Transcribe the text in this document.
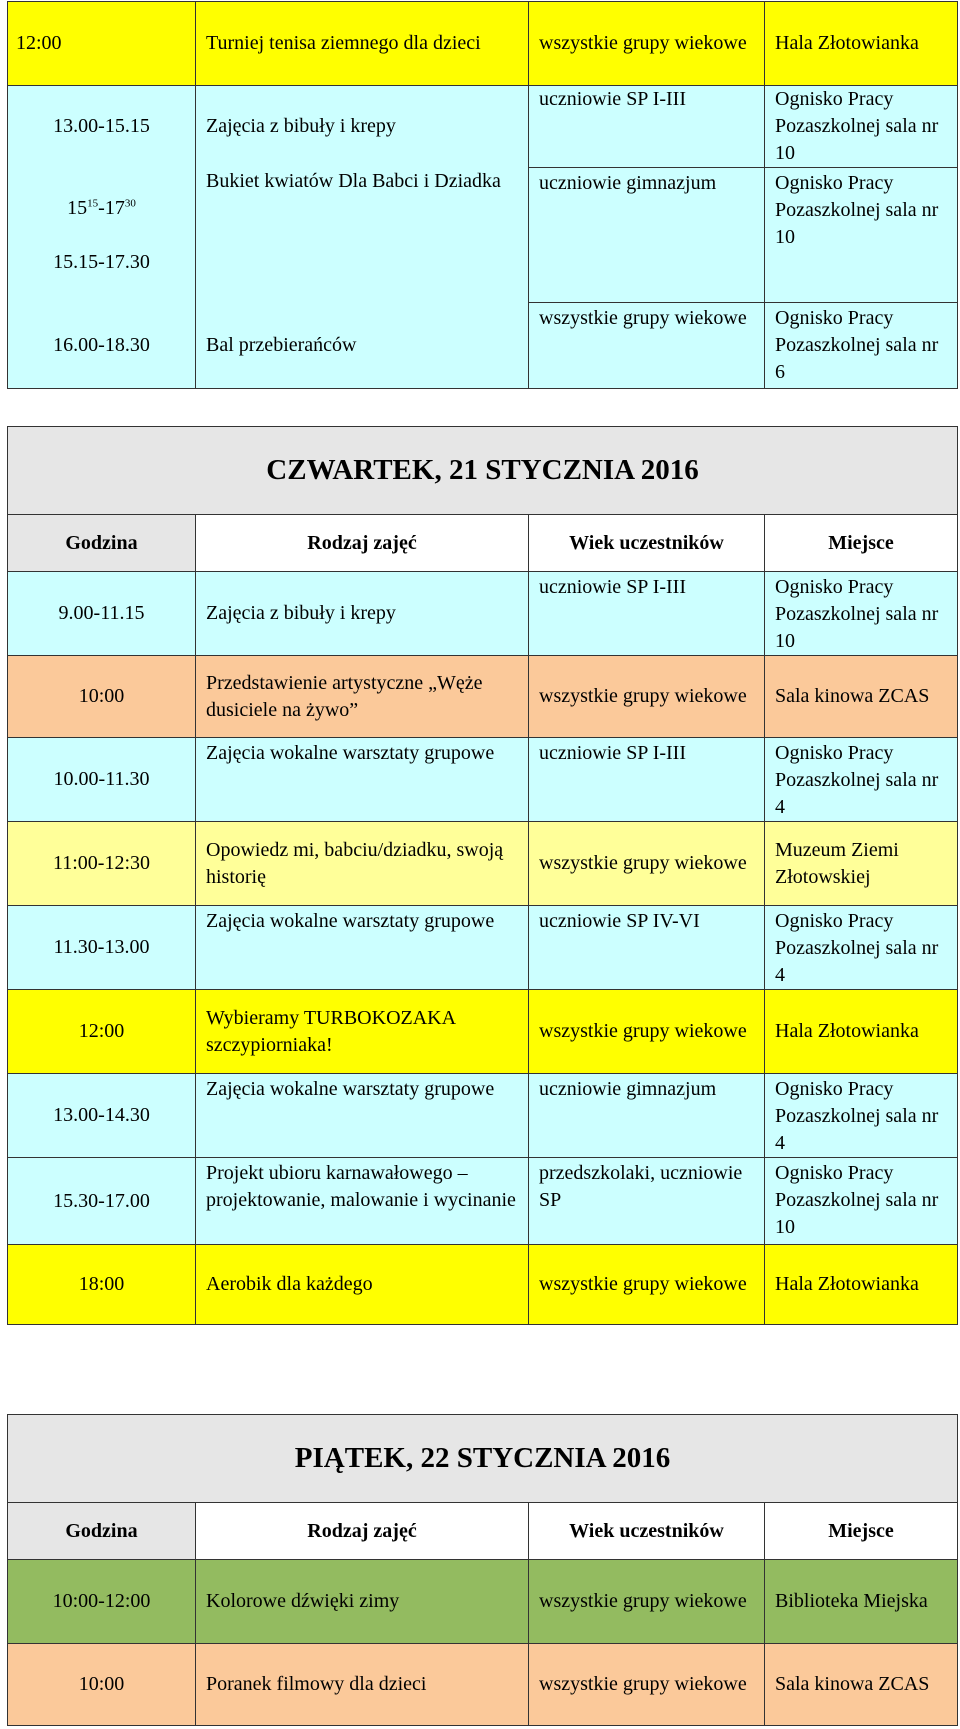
12:00	Turniej tenisa ziemnego dla dzieci	wszystkie grupy wiekowe	Hala Złotowianka
13.00-15.15	Zajęcia z bibuły i krepy	uczniowie SP I-III	Ognisko Pracy Pozaszkolnej sala nr 10

$15^{15}-17^{30}$

15.15-17.30	Bukiet kwiatów Dla Babci i Dziadka	uczniowie gimnazjum	Ognisko Pracy Pozaszkolnej sala nr 10
16.00-18.30	Bal przebierańców	wszystkie grupy wiekowe	Ognisko Pracy Pozaszkolnej sala nr 6
CZWARTEK, 21 STYCZNIA 2016			
Godzina	Rodzaj zajęć	Wiek uczestników	Miejsce
9.00-11.15	Zajęcia z bibuły i krepy	uczniowie SP I-III	Ognisko Pracy Pozaszkolnej sala nr 10
10:00	Przedstawienie artystyczne „Węże dusiciele na żywo”	wszystkie grupy wiekowe	Sala kinowa ZCAS
10.00-11.30	Zajęcia wokalne warsztaty grupowe	uczniowie SP I-III	Ognisko Pracy Pozaszkolnej sala nr 4
11:00-12:30	Opowiedz mi, babciu/dziadku, swoją historię	wszystkie grupy wiekowe	Muzeum Ziemi Złotowskiej
11.30-13.00	Zajęcia wokalne warsztaty grupowe	uczniowie SP IV-VI	Ognisko Pracy Pozaszkolnej sala nr 4
12:00	Wybieramy TURBOKOZAKA szczypiorniaka!	wszystkie grupy wiekowe	Hala Złotowianka
13.00-14.30	Zajęcia wokalne warsztaty grupowe	uczniowie gimnazjum	Ognisko Pracy Pozaszkolnej sala nr 4
15.30-17.00	Projekt ubioru karnawałowego –projektowanie, malowanie i wycinanie	przedszkolaki, uczniowie SP	Ognisko Pracy Pozaszkolnej sala nr 10
18:00	Aerobik dla każdego	wszystkie grupy wiekowe	Hala Złotowianka
PIĄTEK, 22 STYCZNIA 2016			
Godzina	Rodzaj zajęć	Wiek uczestników	Miejsce
10:00-12:00	Kolorowe dźwięki zimy	wszystkie grupy wiekowe	Biblioteka Miejska
10:00	Poranek filmowy dla dzieci	wszystkie grupy wiekowe	Sala kinowa ZCAS
